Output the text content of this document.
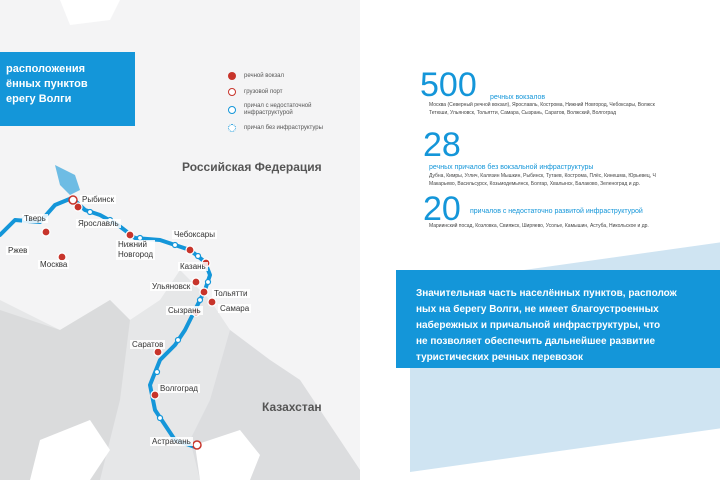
Российская Федерация
Казахстан
Рыбинск
Тверь
Ярославль
Ржев
Москва
Нижний
Новгород
Чебоксары
Казань
Ульяновск
Тольятти
Сызрань Самара
Саратов
Волгоград
Астрахань
расположения
ённых пунктов
ерегу Волги
речной вокзал
грузовой порт
причал с недостаточной инфраструктурой
причал без инфраструктуры
500 речных вокзалов
Москва (Северный речной вокзал), Ярославль, Кострома, Нижний Новгород, Чебоксары, Волжск
Тетюши, Ульяновск, Тольятти, Самара, Сызрань, Саратов, Волжский, Волгоград
28
речных причалов без вокзальной инфраструктуры
Дубна, Кимры, Углич, Калязин Мышкин, Рыбинск, Тутаев, Кострома, Плёс, Кинешма, Юрьевец, Ч
Макарьево, Васильсурск, Козьмодемьянск, Болгар, Хвалынск, Балаково, Зеленоград и др.
20 причалов с недостаточно развитой инфраструктурой
Мариинский посад, Козловка, Свияжск, Ширяево, Усолье, Камышин, Астуба, Никольское и др.
Значительная часть населённых пунктов, располож
ных на берегу Волги, не имеет благоустроенных
набережных и причальной инфраструктуры, что
не позволяет обеспечить дальнейшее развитие
туристических речных перевозок
